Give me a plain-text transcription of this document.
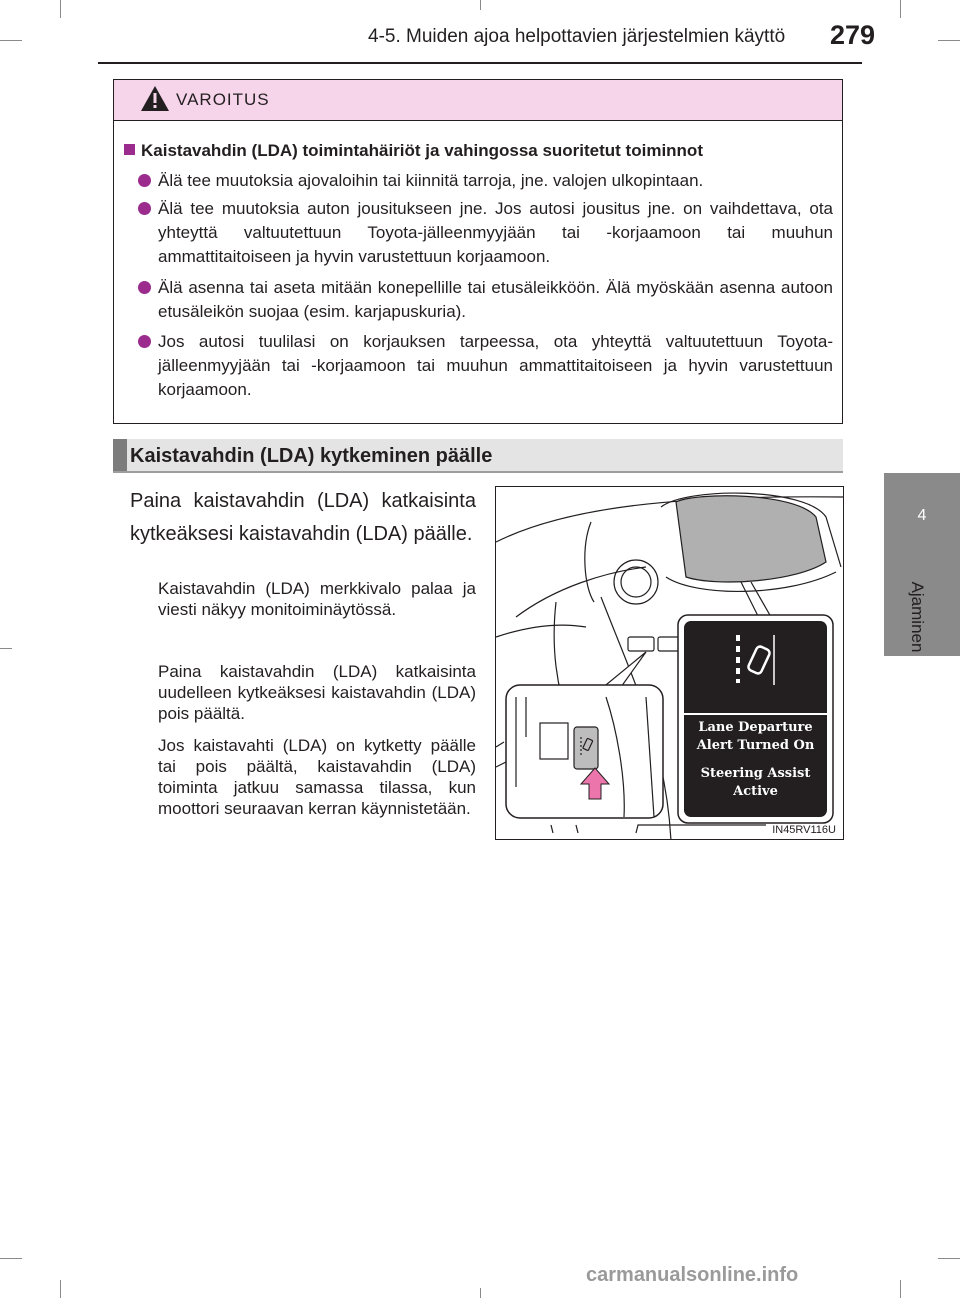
4-5. Muiden ajoa helpottavien järjestelmien käyttö 279
4
Ajaminen
VAROITUS
Kaistavahdin (LDA) toimintahäiriöt ja vahingossa suoritetut toiminnot

Älä tee muutoksia ajovaloihin tai kiinnitä tarroja, jne. valojen ulkopintaan.

Älä tee muutoksia auton jousitukseen jne. Jos autosi jousitus jne. on vaihdettava, ota yhteyttä valtuutettuun Toyota-jälleenmyyjään tai -korjaamoon tai muuhun ammattitaitoiseen ja hyvin varustettuun korjaamoon.

Älä asenna tai aseta mitään konepellille tai etusäleikköön. Älä myöskään asenna autoon etusäleikön suojaa (esim. karjapuskuria).

Jos autosi tuulilasi on korjauksen tarpeessa, ota yhteyttä valtuutettuun Toyota-jälleenmyyjään tai -korjaamoon tai muuhun ammattitaitoiseen ja hyvin varustettuun korjaamoon.

Kaistavahdin (LDA) kytkeminen päälle
Paina kaistavahdin (LDA) katkaisinta kytkeäksesi kaistavahdin (LDA) päälle.
Kaistavahdin (LDA) merkkivalo palaa ja viesti näkyy monitoiminäytössä.
Paina kaistavahdin (LDA) katkaisinta uudelleen kytkeäksesi kaistavahdin (LDA) pois päältä.
Jos kaistavahti (LDA) on kytketty päälle tai pois päältä, kaistavahdin (LDA) toiminta jatkuu samassa tilassa, kun moottori seuraavan kerran käynnistetään.
Lane Departure
Alert Turned On
Steering Assist
Active
IN45RV116U
carmanualsonline.info
